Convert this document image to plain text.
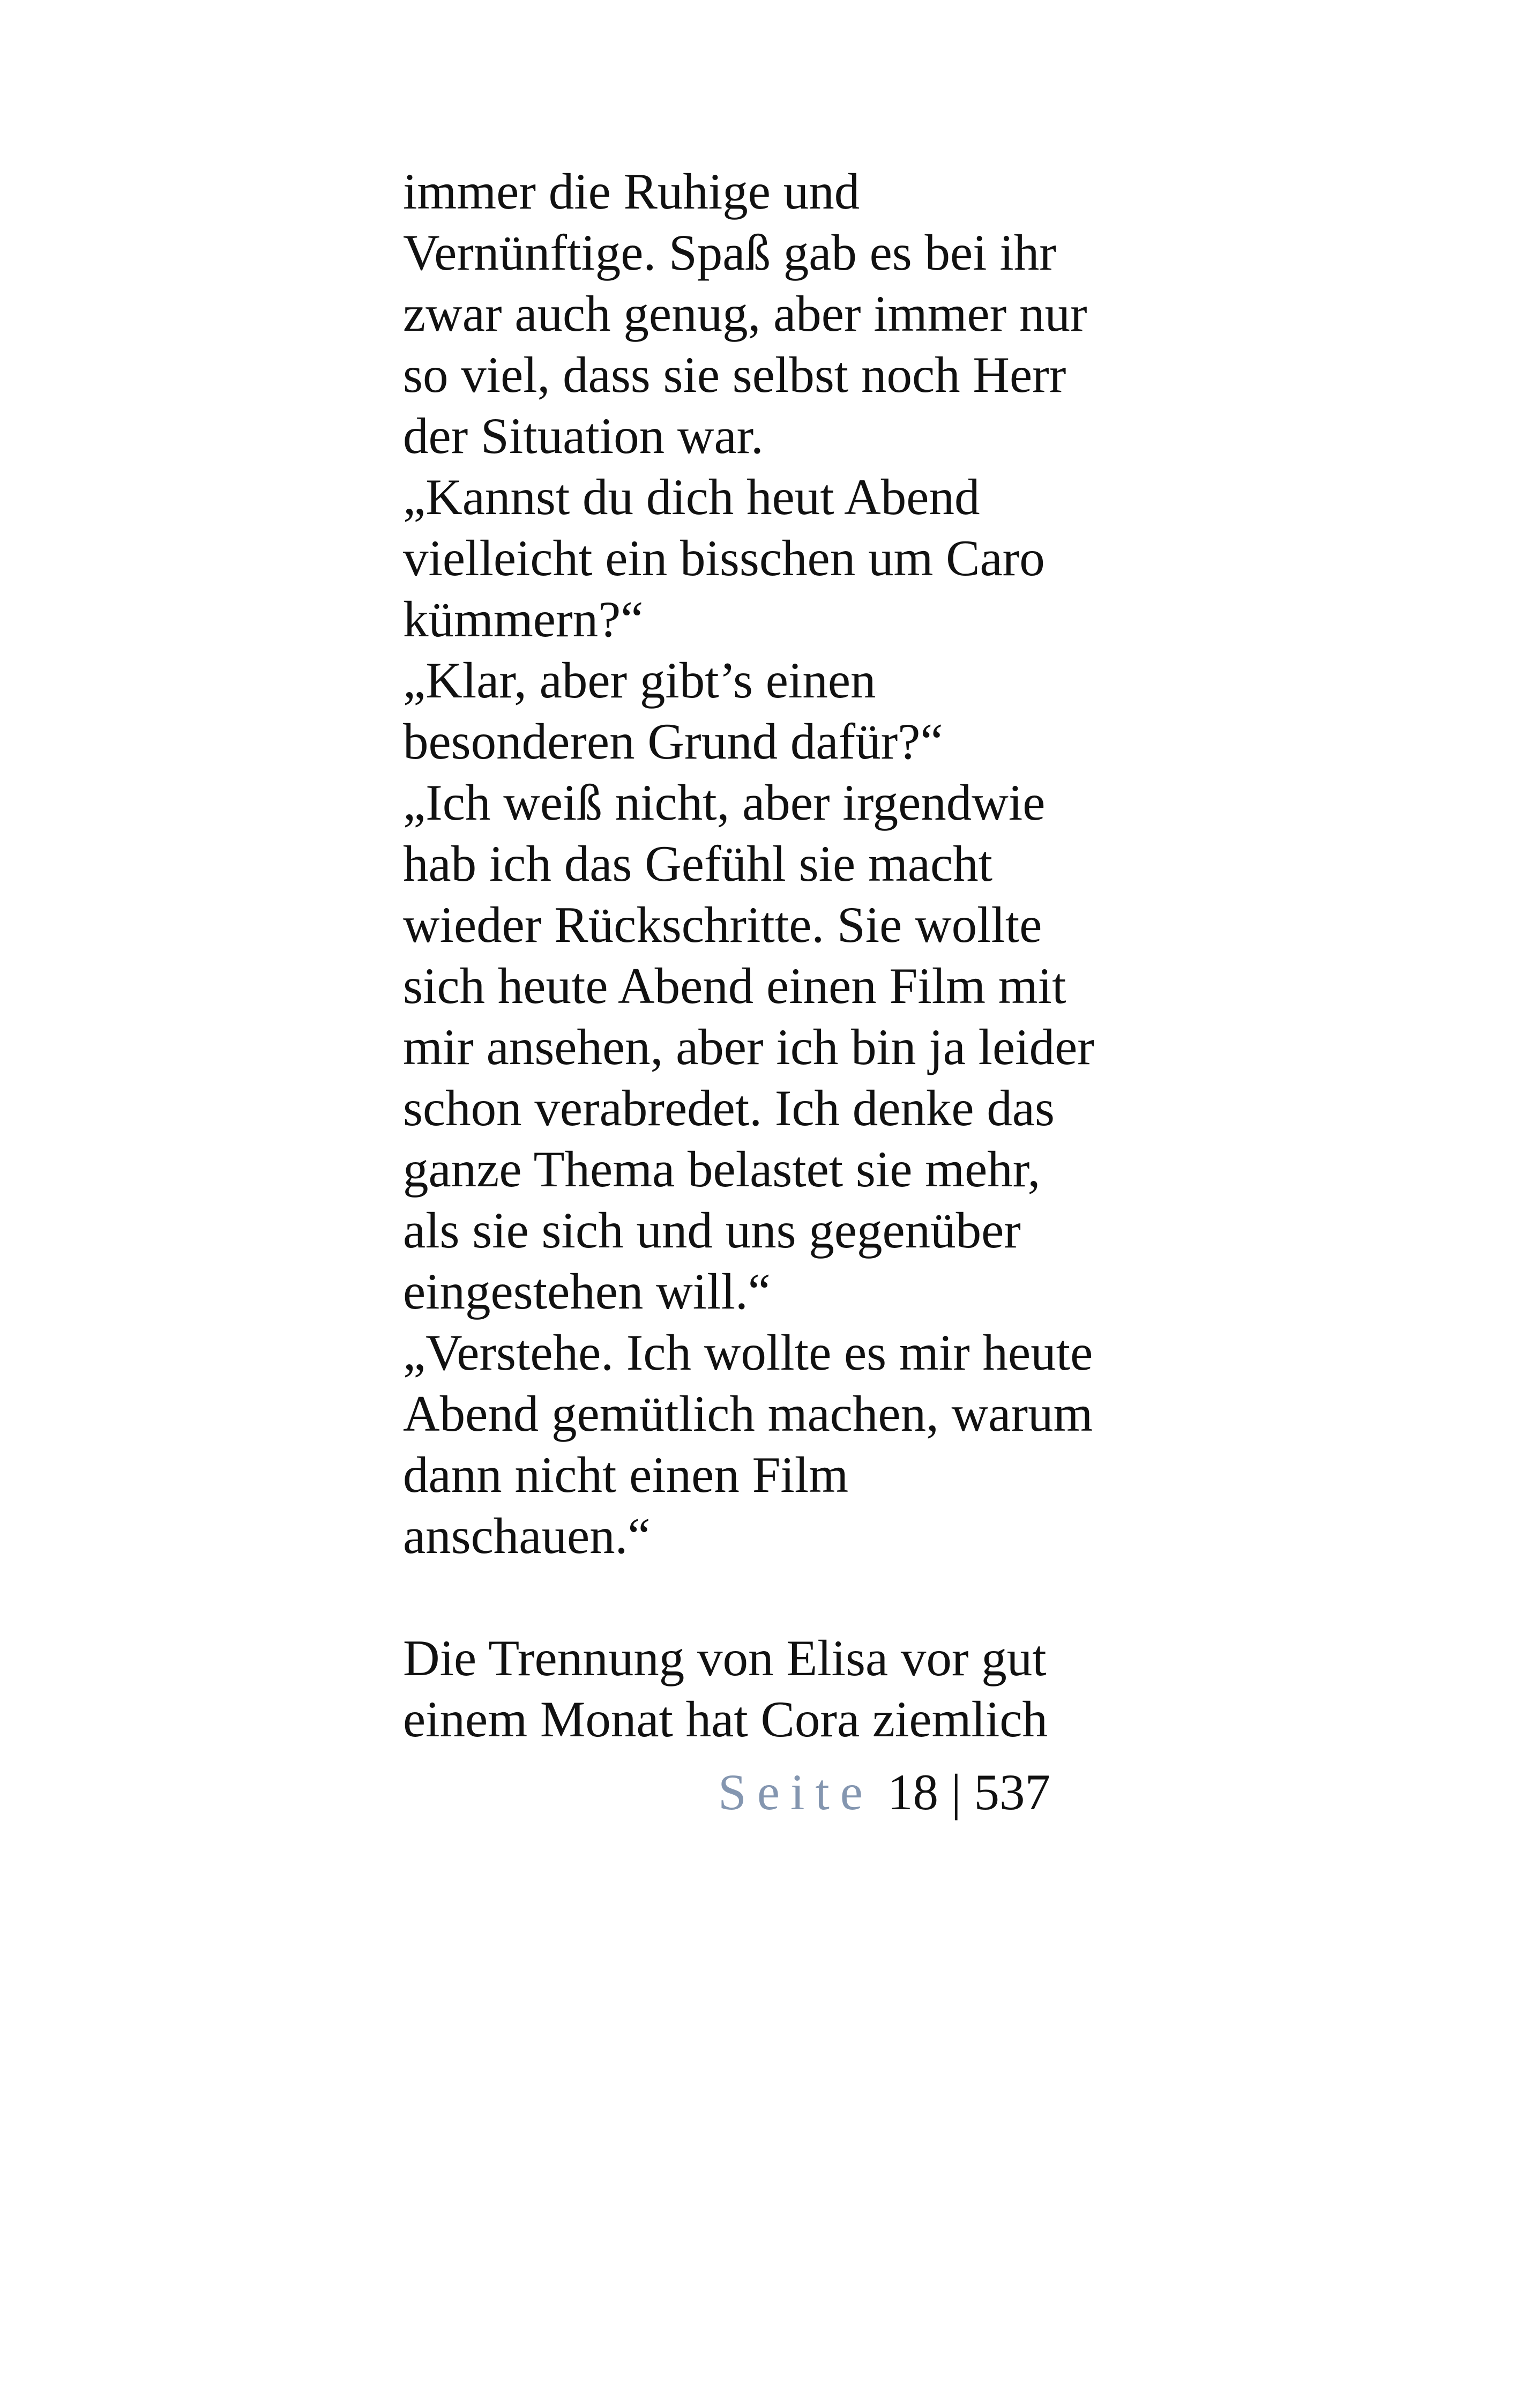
immer die Ruhige und
Vernünftige. Spaß gab es bei ihr
zwar auch genug, aber immer nur
so viel, dass sie selbst noch Herr
der Situation war.
„Kannst du dich heut Abend
vielleicht ein bisschen um Caro
kümmern?“
„Klar, aber gibt’s einen
besonderen Grund dafür?“
„Ich weiß nicht, aber irgendwie
hab ich das Gefühl sie macht
wieder Rückschritte. Sie wollte
sich heute Abend einen Film mit
mir ansehen, aber ich bin ja leider
schon verabredet. Ich denke das
ganze Thema belastet sie mehr,
als sie sich und uns gegenüber
eingestehen will.“
„Verstehe. Ich wollte es mir heute
Abend gemütlich machen, warum
dann nicht einen Film
anschauen.“
Die Trennung von Elisa vor gut
einem Monat hat Cora ziemlich
Seite 18 | 537
